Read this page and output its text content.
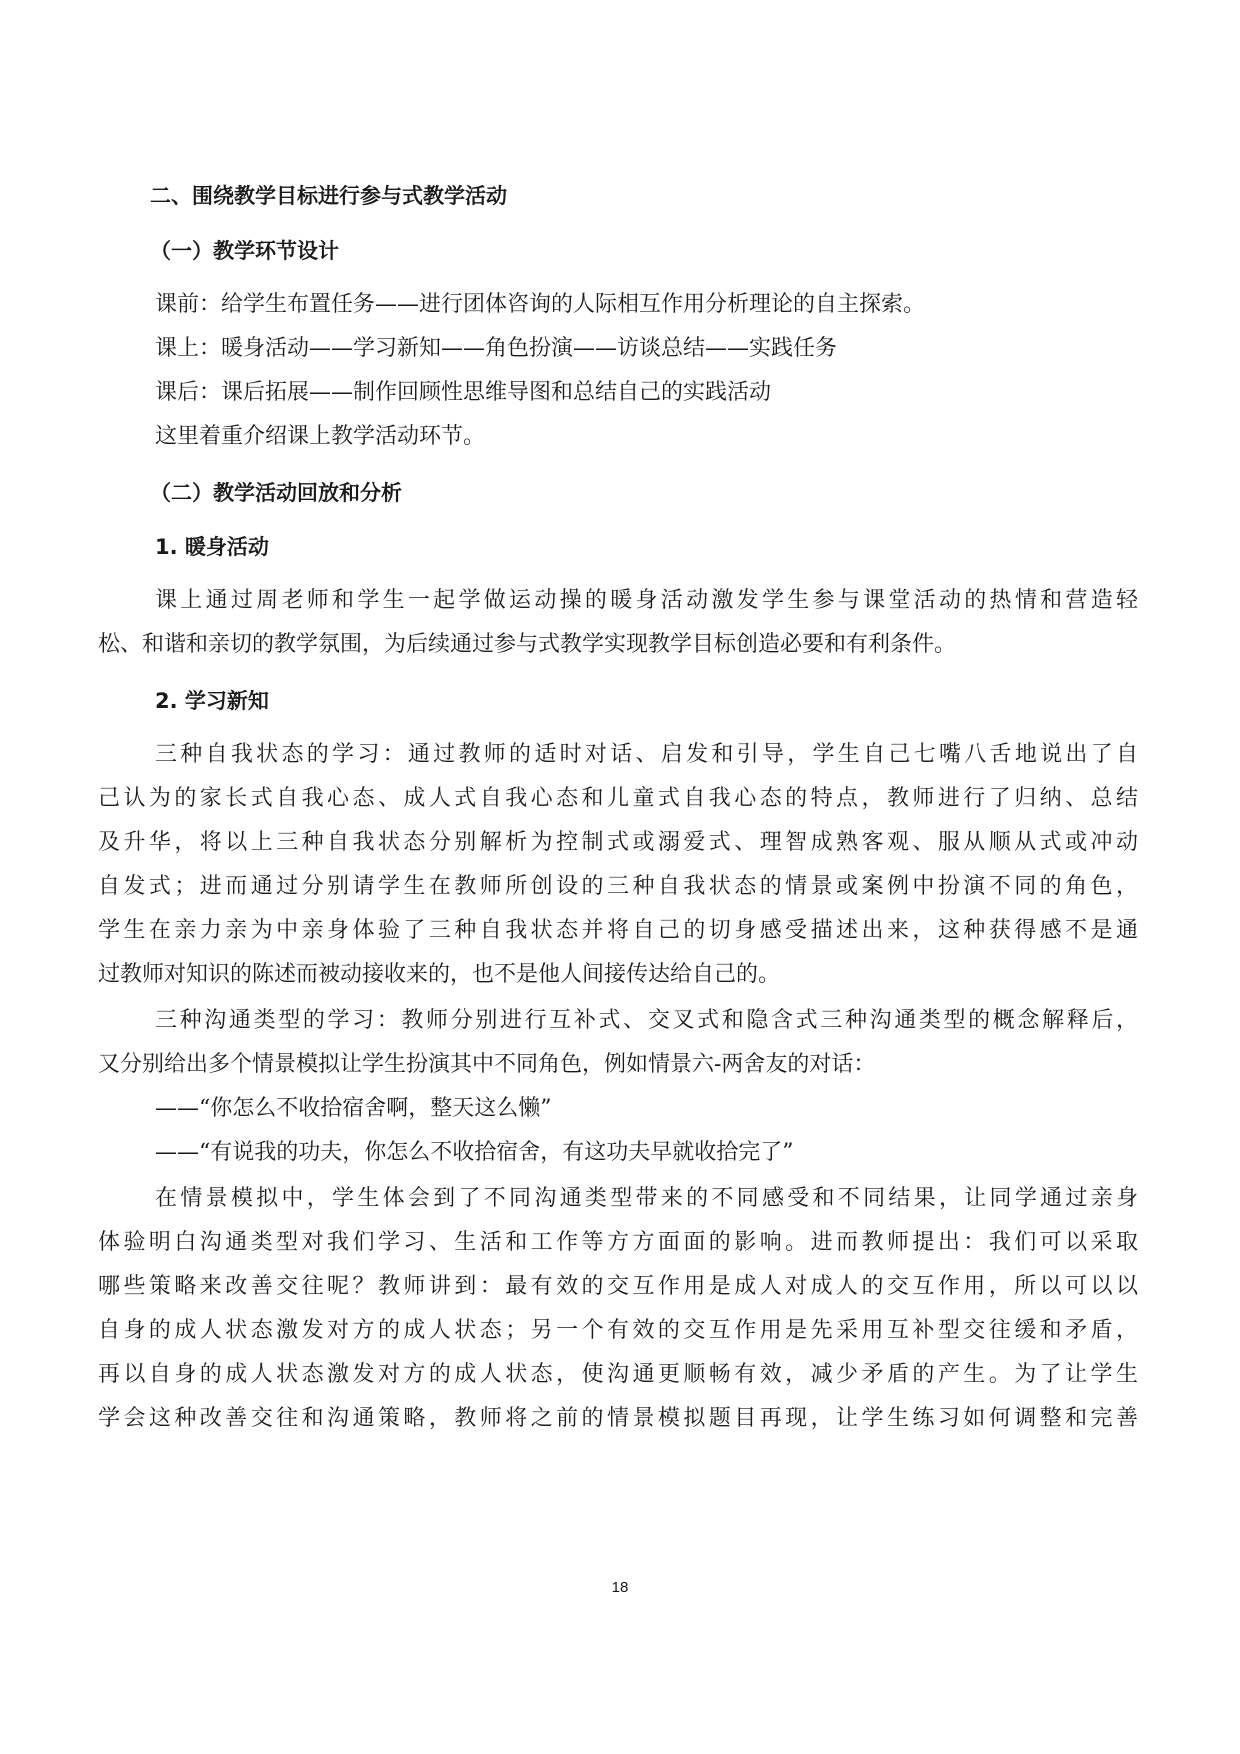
二、围绕教学目标进行参与式教学活动
（一）教学环节设计
课前：给学生布置任务——进行团体咨询的人际相互作用分析理论的自主探索。
课上：暖身活动——学习新知——角色扮演——访谈总结——实践任务
课后：课后拓展——制作回顾性思维导图和总结自己的实践活动
这里着重介绍课上教学活动环节。
（二）教学活动回放和分析
1. 暖身活动
课上通过周老师和学生一起学做运动操的暖身活动激发学生参与课堂活动的热情和营造轻
松、和谐和亲切的教学氛围，为后续通过参与式教学实现教学目标创造必要和有利条件。
2. 学习新知
三种自我状态的学习：通过教师的适时对话、启发和引导，学生自己七嘴八舌地说出了自
己认为的家长式自我心态、成人式自我心态和儿童式自我心态的特点，教师进行了归纳、总结
及升华，将以上三种自我状态分别解析为控制式或溺爱式、理智成熟客观、服从顺从式或冲动
自发式；进而通过分别请学生在教师所创设的三种自我状态的情景或案例中扮演不同的角色，
学生在亲力亲为中亲身体验了三种自我状态并将自己的切身感受描述出来，这种获得感不是通
过教师对知识的陈述而被动接收来的，也不是他人间接传达给自己的。
三种沟通类型的学习：教师分别进行互补式、交叉式和隐含式三种沟通类型的概念解释后，
又分别给出多个情景模拟让学生扮演其中不同角色，例如情景六-两舍友的对话：
——“你怎么不收拾宿舍啊，整天这么懒”
——“有说我的功夫，你怎么不收拾宿舍，有这功夫早就收拾完了”
在情景模拟中，学生体会到了不同沟通类型带来的不同感受和不同结果，让同学通过亲身
体验明白沟通类型对我们学习、生活和工作等方方面面的影响。进而教师提出：我们可以采取
哪些策略来改善交往呢？教师讲到：最有效的交互作用是成人对成人的交互作用，所以可以以
自身的成人状态激发对方的成人状态；另一个有效的交互作用是先采用互补型交往缓和矛盾，
再以自身的成人状态激发对方的成人状态，使沟通更顺畅有效，减少矛盾的产生。为了让学生
学会这种改善交往和沟通策略，教师将之前的情景模拟题目再现，让学生练习如何调整和完善
18
